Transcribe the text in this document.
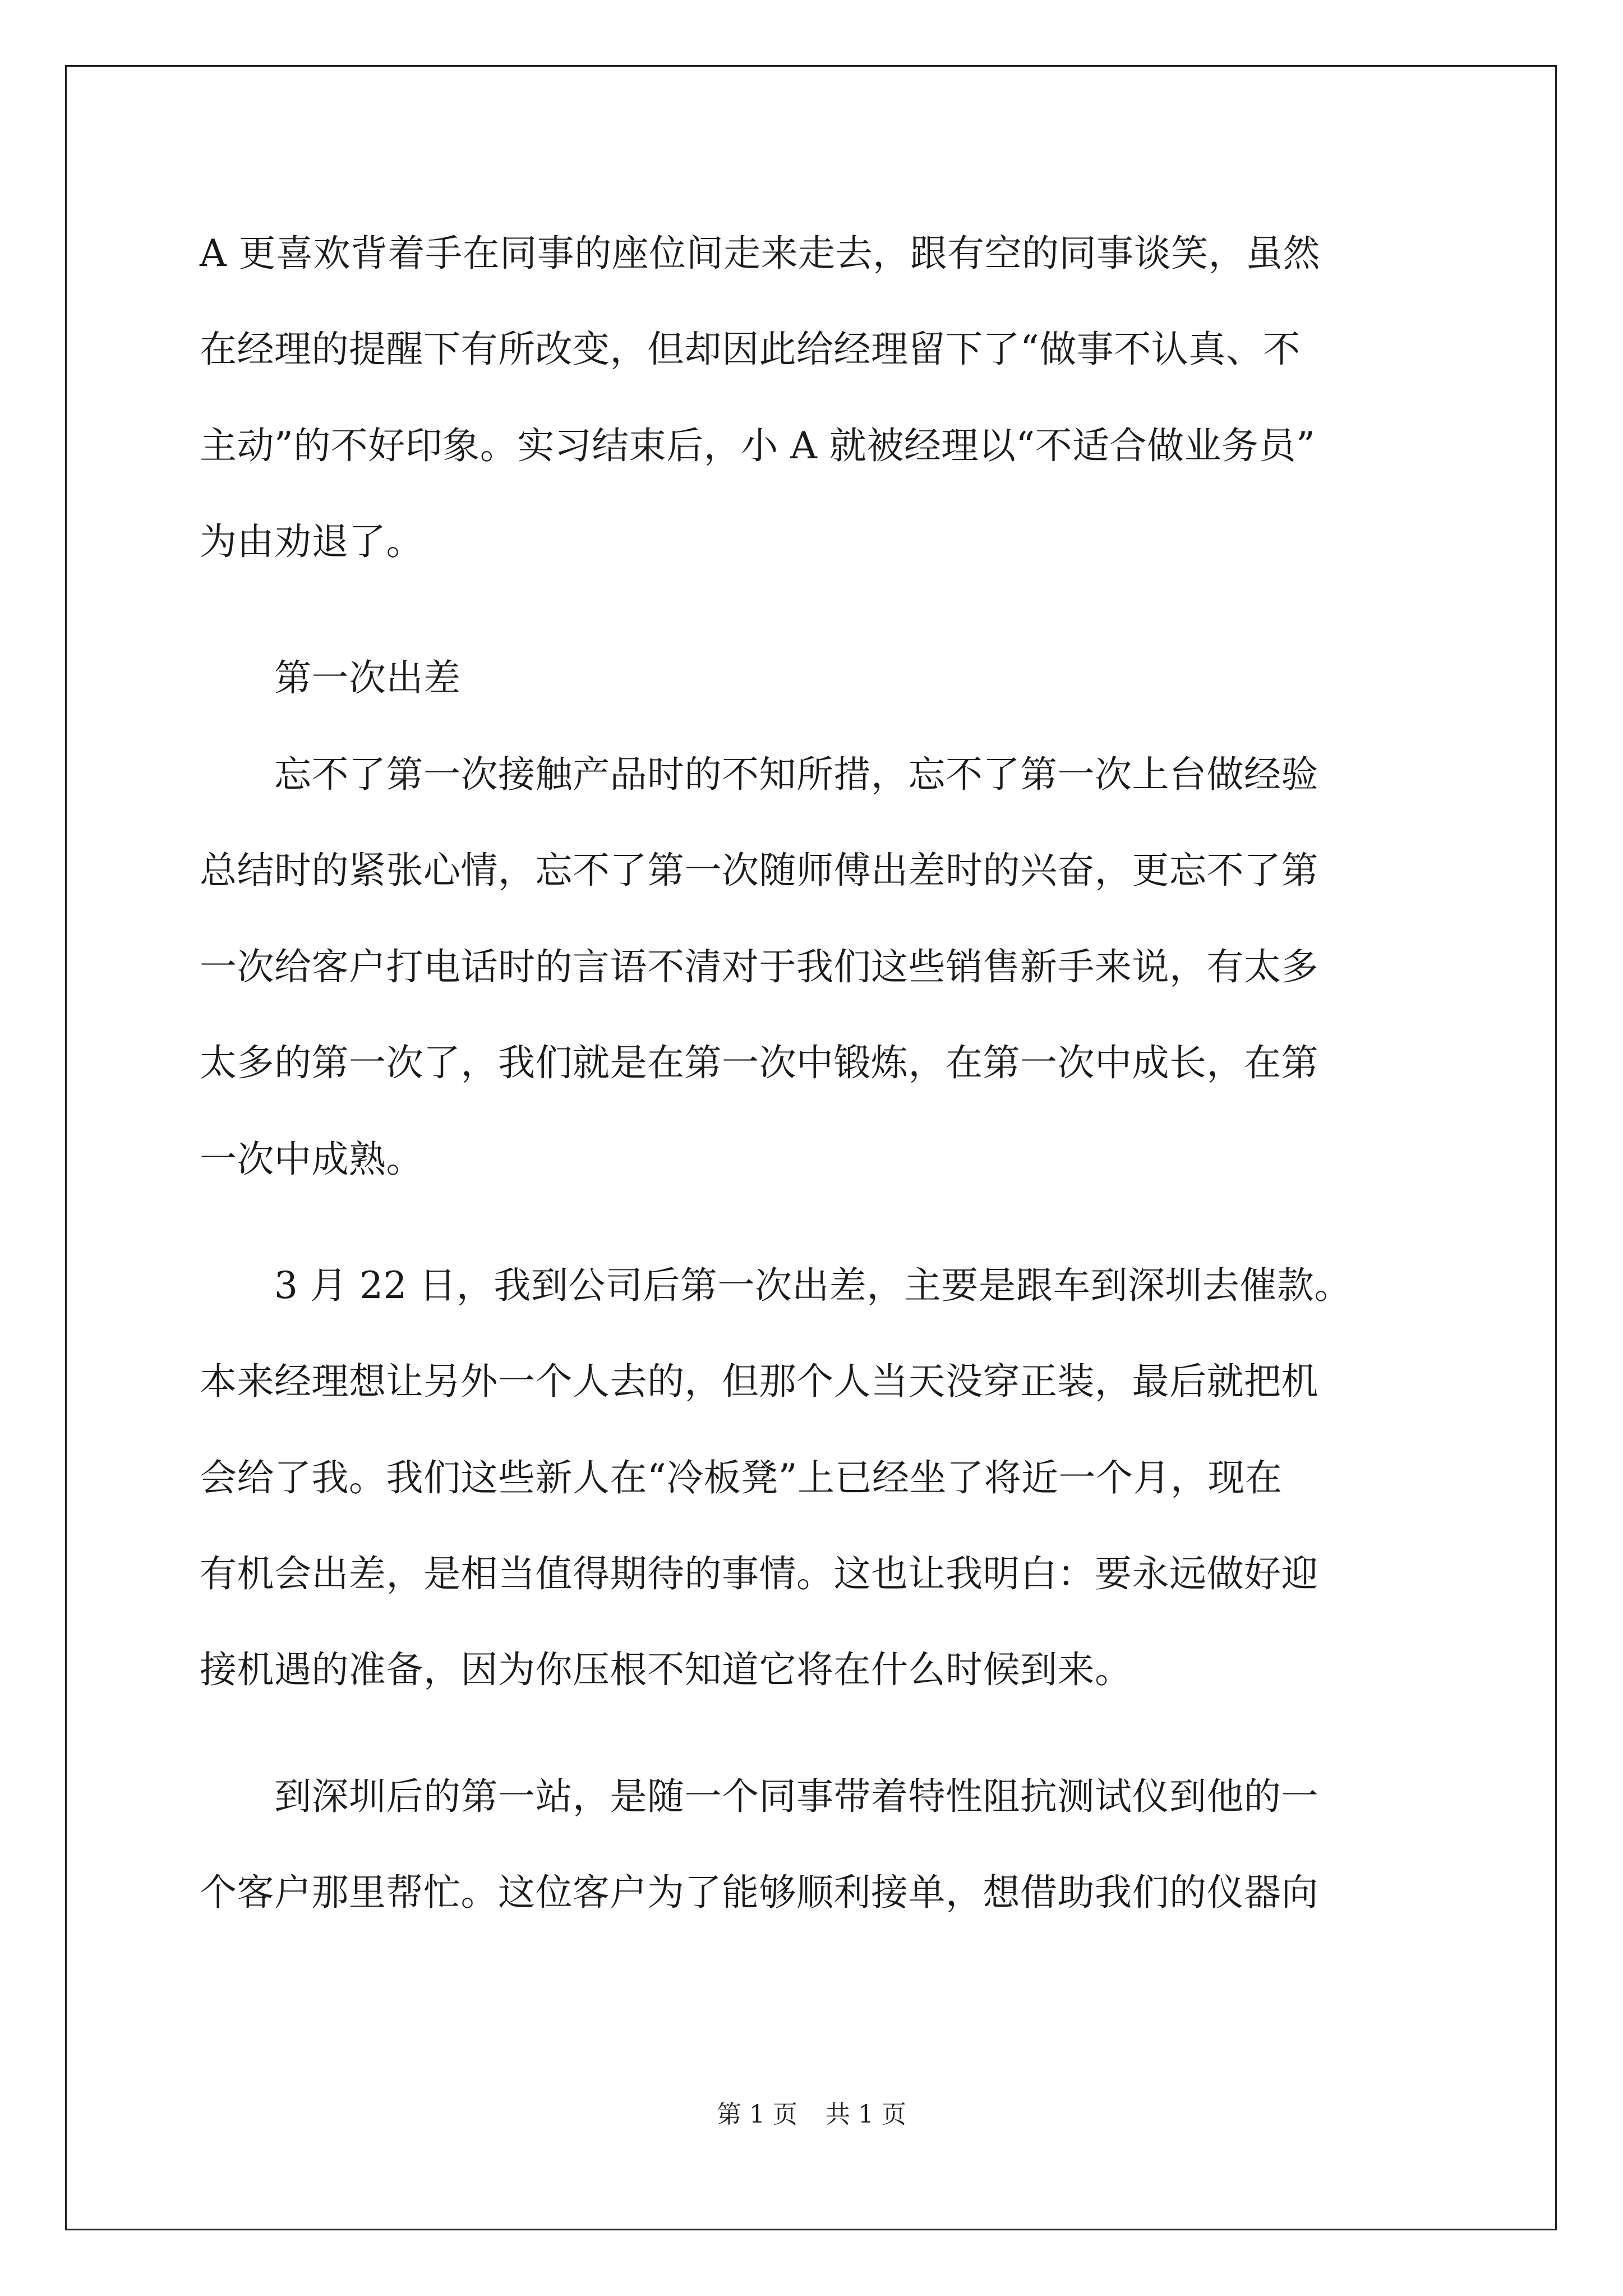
A 更喜欢背着手在同事的座位间走来走去，跟有空的同事谈笑，虽然
在经理的提醒下有所改变，但却因此给经理留下了“做事不认真、不
主动”的不好印象。实习结束后，小 A 就被经理以“不适合做业务员”
为由劝退了。
　　第一次出差
　　忘不了第一次接触产品时的不知所措，忘不了第一次上台做经验
总结时的紧张心情，忘不了第一次随师傅出差时的兴奋，更忘不了第
一次给客户打电话时的言语不清对于我们这些销售新手来说，有太多
太多的第一次了，我们就是在第一次中锻炼，在第一次中成长，在第
一次中成熟。
　　3 月 22 日，我到公司后第一次出差，主要是跟车到深圳去催款。
本来经理想让另外一个人去的，但那个人当天没穿正装，最后就把机
会给了我。我们这些新人在“冷板凳”上已经坐了将近一个月，现在
有机会出差，是相当值得期待的事情。这也让我明白：要永远做好迎
接机遇的准备，因为你压根不知道它将在什么时候到来。
　　到深圳后的第一站，是随一个同事带着特性阻抗测试仪到他的一
个客户那里帮忙。这位客户为了能够顺利接单，想借助我们的仪器向
第 1 页 共 1 页
